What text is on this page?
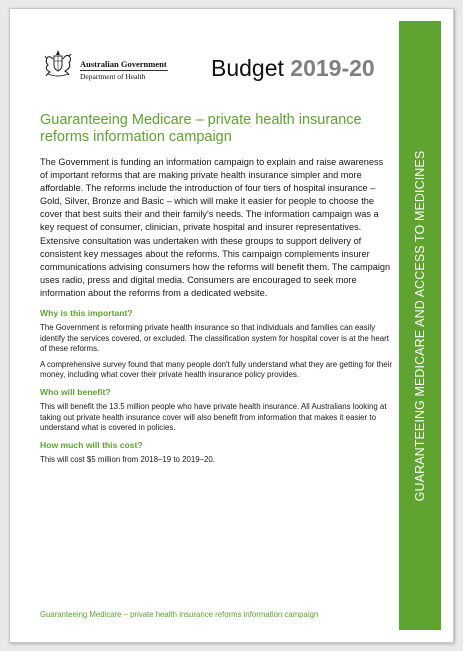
Australian Government
Department of Health	Budget 2019-20
Guaranteeing Medicare – private health insurance reforms information campaign

The Government is funding an information campaign to explain and raise awareness of important reforms that are making private health insurance simpler and more affordable. The reforms include the introduction of four tiers of hospital insurance – Gold, Silver, Bronze and Basic – which will make it easier for people to choose the cover that best suits their and their family's needs. The information campaign was a key request of consumer, clinician, private hospital and insurer representatives. Extensive consultation was undertaken with these groups to support delivery of consistent key messages about the reforms. This campaign complements insurer communications advising consumers how the reforms will benefit them. The campaign uses radio, press and digital media. Consumers are encouraged to seek more information about the reforms from a dedicated website.

Why is this important?

The Government is reforming private health insurance so that individuals and families can easily identify the services covered, or excluded. The classification system for hospital cover is at the heart of these reforms.

A comprehensive survey found that many people don't fully understand what they are getting for their money, including what cover their private health insurance policy provides.

Who will benefit?

This will benefit the 13.5 million people who have private health insurance. All Australians looking at taking out private health insurance cover will also benefit from information that makes it easier to understand what is covered in policies.

How much will this cost?

This will cost $5 million from 2018–19 to 2019–20.	GUARANTEEING MEDICARE AND ACCESS TO MEDICINES
Guaranteeing Medicare – private health insurance reforms information campaign
